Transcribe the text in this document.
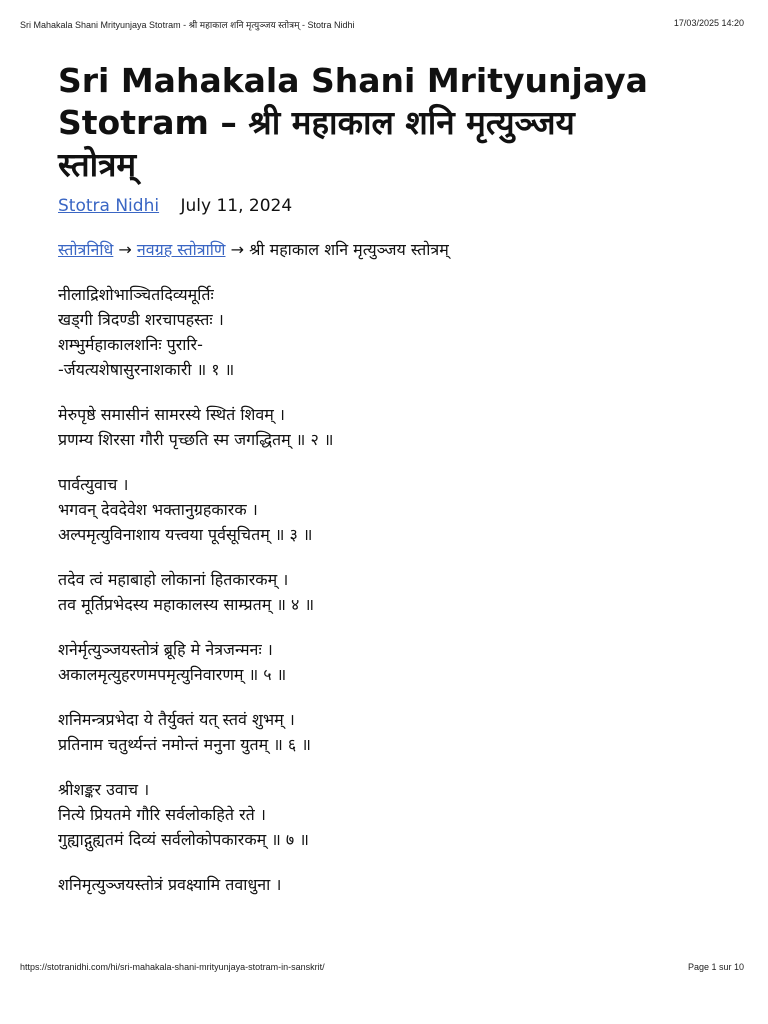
Sri Mahakala Shani Mrityunjaya Stotram - श्री महाकाल शनि मृत्युञ्जय स्तोत्रम् - Stotra Nidhi	17/03/2025 14:20
Sri Mahakala Shani Mrityunjaya
Stotram – श्री महाकाल शनि मृत्युञ्जय
स्तोत्रम्
Stotra Nidhi July 11, 2024
स्तोत्रनिधि → नवग्रह स्तोत्राणि → श्री महाकाल शनि मृत्युञ्जय स्तोत्रम्
नीलाद्रिशोभाञ्चितदिव्यमूर्तिः
खड्गी त्रिदण्डी शरचापहस्तः ।
शम्भुर्महाकालशनिः पुरारि-
-र्जयत्यशेषासुरनाशकारी ॥ १ ॥
मेरुपृष्ठे समासीनं सामरस्ये स्थितं शिवम् ।
प्रणम्य शिरसा गौरी पृच्छति स्म जगद्धितम् ॥ २ ॥
पार्वत्युवाच ।
भगवन् देवदेवेश भक्तानुग्रहकारक ।
अल्पमृत्युविनाशाय यत्त्वया पूर्वसूचितम् ॥ ३ ॥
तदेव त्वं महाबाहो लोकानां हितकारकम् ।
तव मूर्तिप्रभेदस्य महाकालस्य साम्प्रतम् ॥ ४ ॥
शनेर्मृत्युञ्जयस्तोत्रं ब्रूहि मे नेत्रजन्मनः ।
अकालमृत्युहरणमपमृत्युनिवारणम् ॥ ५ ॥
शनिमन्त्रप्रभेदा ये तैर्युक्तं यत् स्तवं शुभम् ।
प्रतिनाम चतुर्थ्यन्तं नमोन्तं मनुना युतम् ॥ ६ ॥
श्रीशङ्कर उवाच ।
नित्ये प्रियतमे गौरि सर्वलोकहिते रते ।
गुह्याद्गुह्यतमं दिव्यं सर्वलोकोपकारकम् ॥ ७ ॥
शनिमृत्युञ्जयस्तोत्रं प्रवक्ष्यामि तवाधुना ।
https://stotranidhi.com/hi/sri-mahakala-shani-mrityunjaya-stotram-in-sanskrit/	Page 1 sur 10
